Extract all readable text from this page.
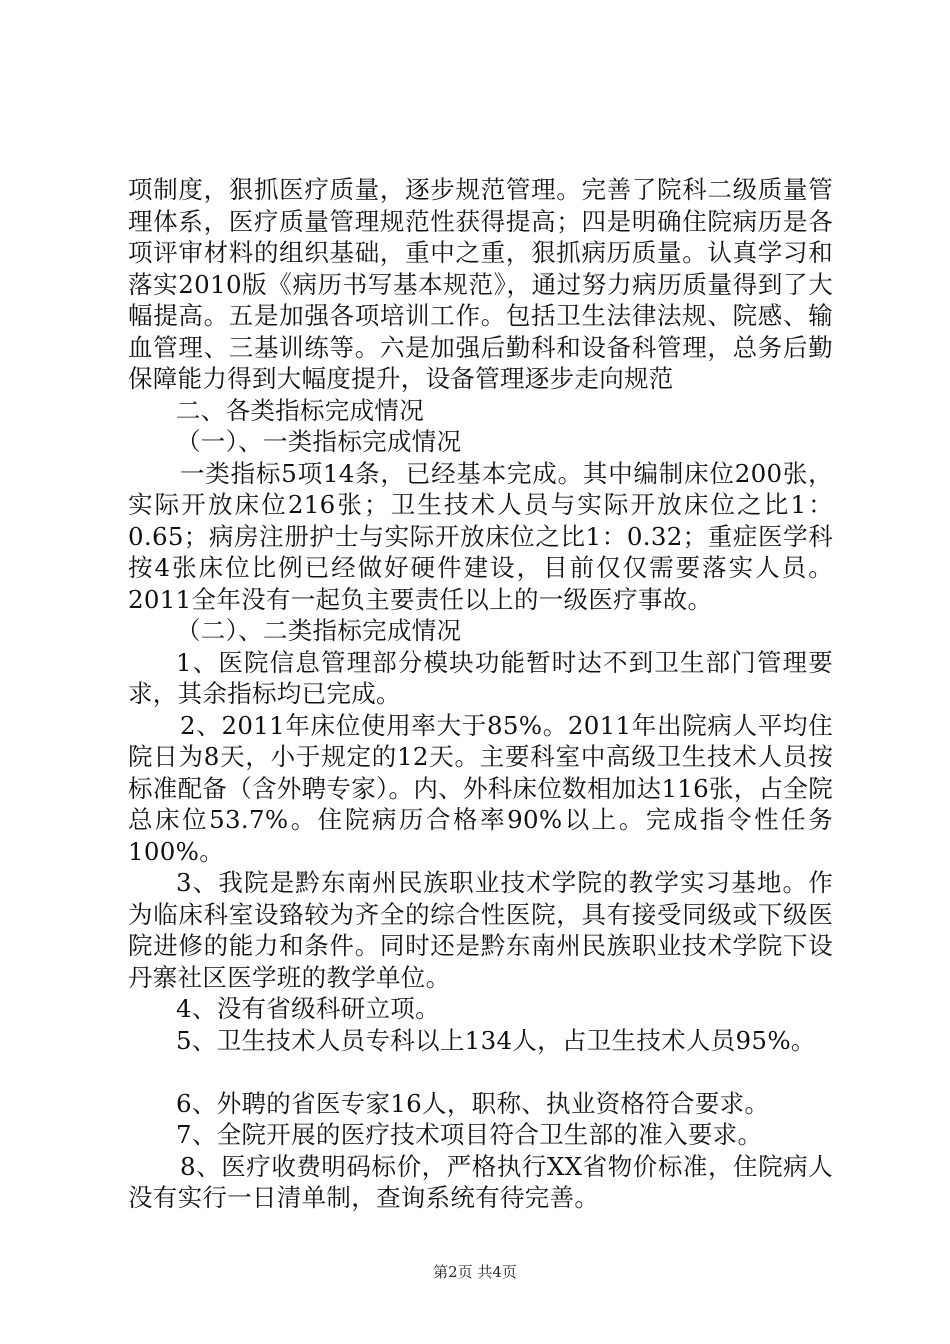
项制度，狠抓医疗质量，逐步规范管理。完善了院科二级质量管理体系，医疗质量管理规范性获得提高；四是明确住院病历是各项评审材料的组织基础，重中之重，狠抓病历质量。认真学习和落实2010版《病历书写基本规范》，通过努力病历质量得到了大幅提高。五是加强各项培训工作。包括卫生法律法规、院感、输血管理、三基训练等。六是加强后勤科和设备科管理，总务后勤保障能力得到大幅度提升，设备管理逐步走向规范

二、各类指标完成情况

（一）、一类指标完成情况

一类指标5项14条，已经基本完成。其中编制床位200张，实际开放床位216张；卫生技术人员与实际开放床位之比1：0.65；病房注册护士与实际开放床位之比1：0.32；重症医学科按4张床位比例已经做好硬件建设，目前仅仅需要落实人员。2011全年没有一起负主要责任以上的一级医疗事故。

（二）、二类指标完成情况

1、医院信息管理部分模块功能暂时达不到卫生部门管理要求，其余指标均已完成。

2、2011年床位使用率大于85%。2011年出院病人平均住院日为8天，小于规定的12天。主要科室中高级卫生技术人员按标准配备（含外聘专家）。内、外科床位数相加达116张，占全院总床位53.7%。住院病历合格率90%以上。完成指令性任务100%。

3、我院是黔东南州民族职业技术学院的教学实习基地。作为临床科室设臵较为齐全的综合性医院，具有接受同级或下级医院进修的能力和条件。同时还是黔东南州民族职业技术学院下设丹寨社区医学班的教学单位。

4、没有省级科研立项。

5、卫生技术人员专科以上134人，占卫生技术人员95%。

6、外聘的省医专家16人，职称、执业资格符合要求。

7、全院开展的医疗技术项目符合卫生部的准入要求。

8、医疗收费明码标价，严格执行XX省物价标准，住院病人没有实行一日清单制，查询系统有待完善。

第2页 共4页
